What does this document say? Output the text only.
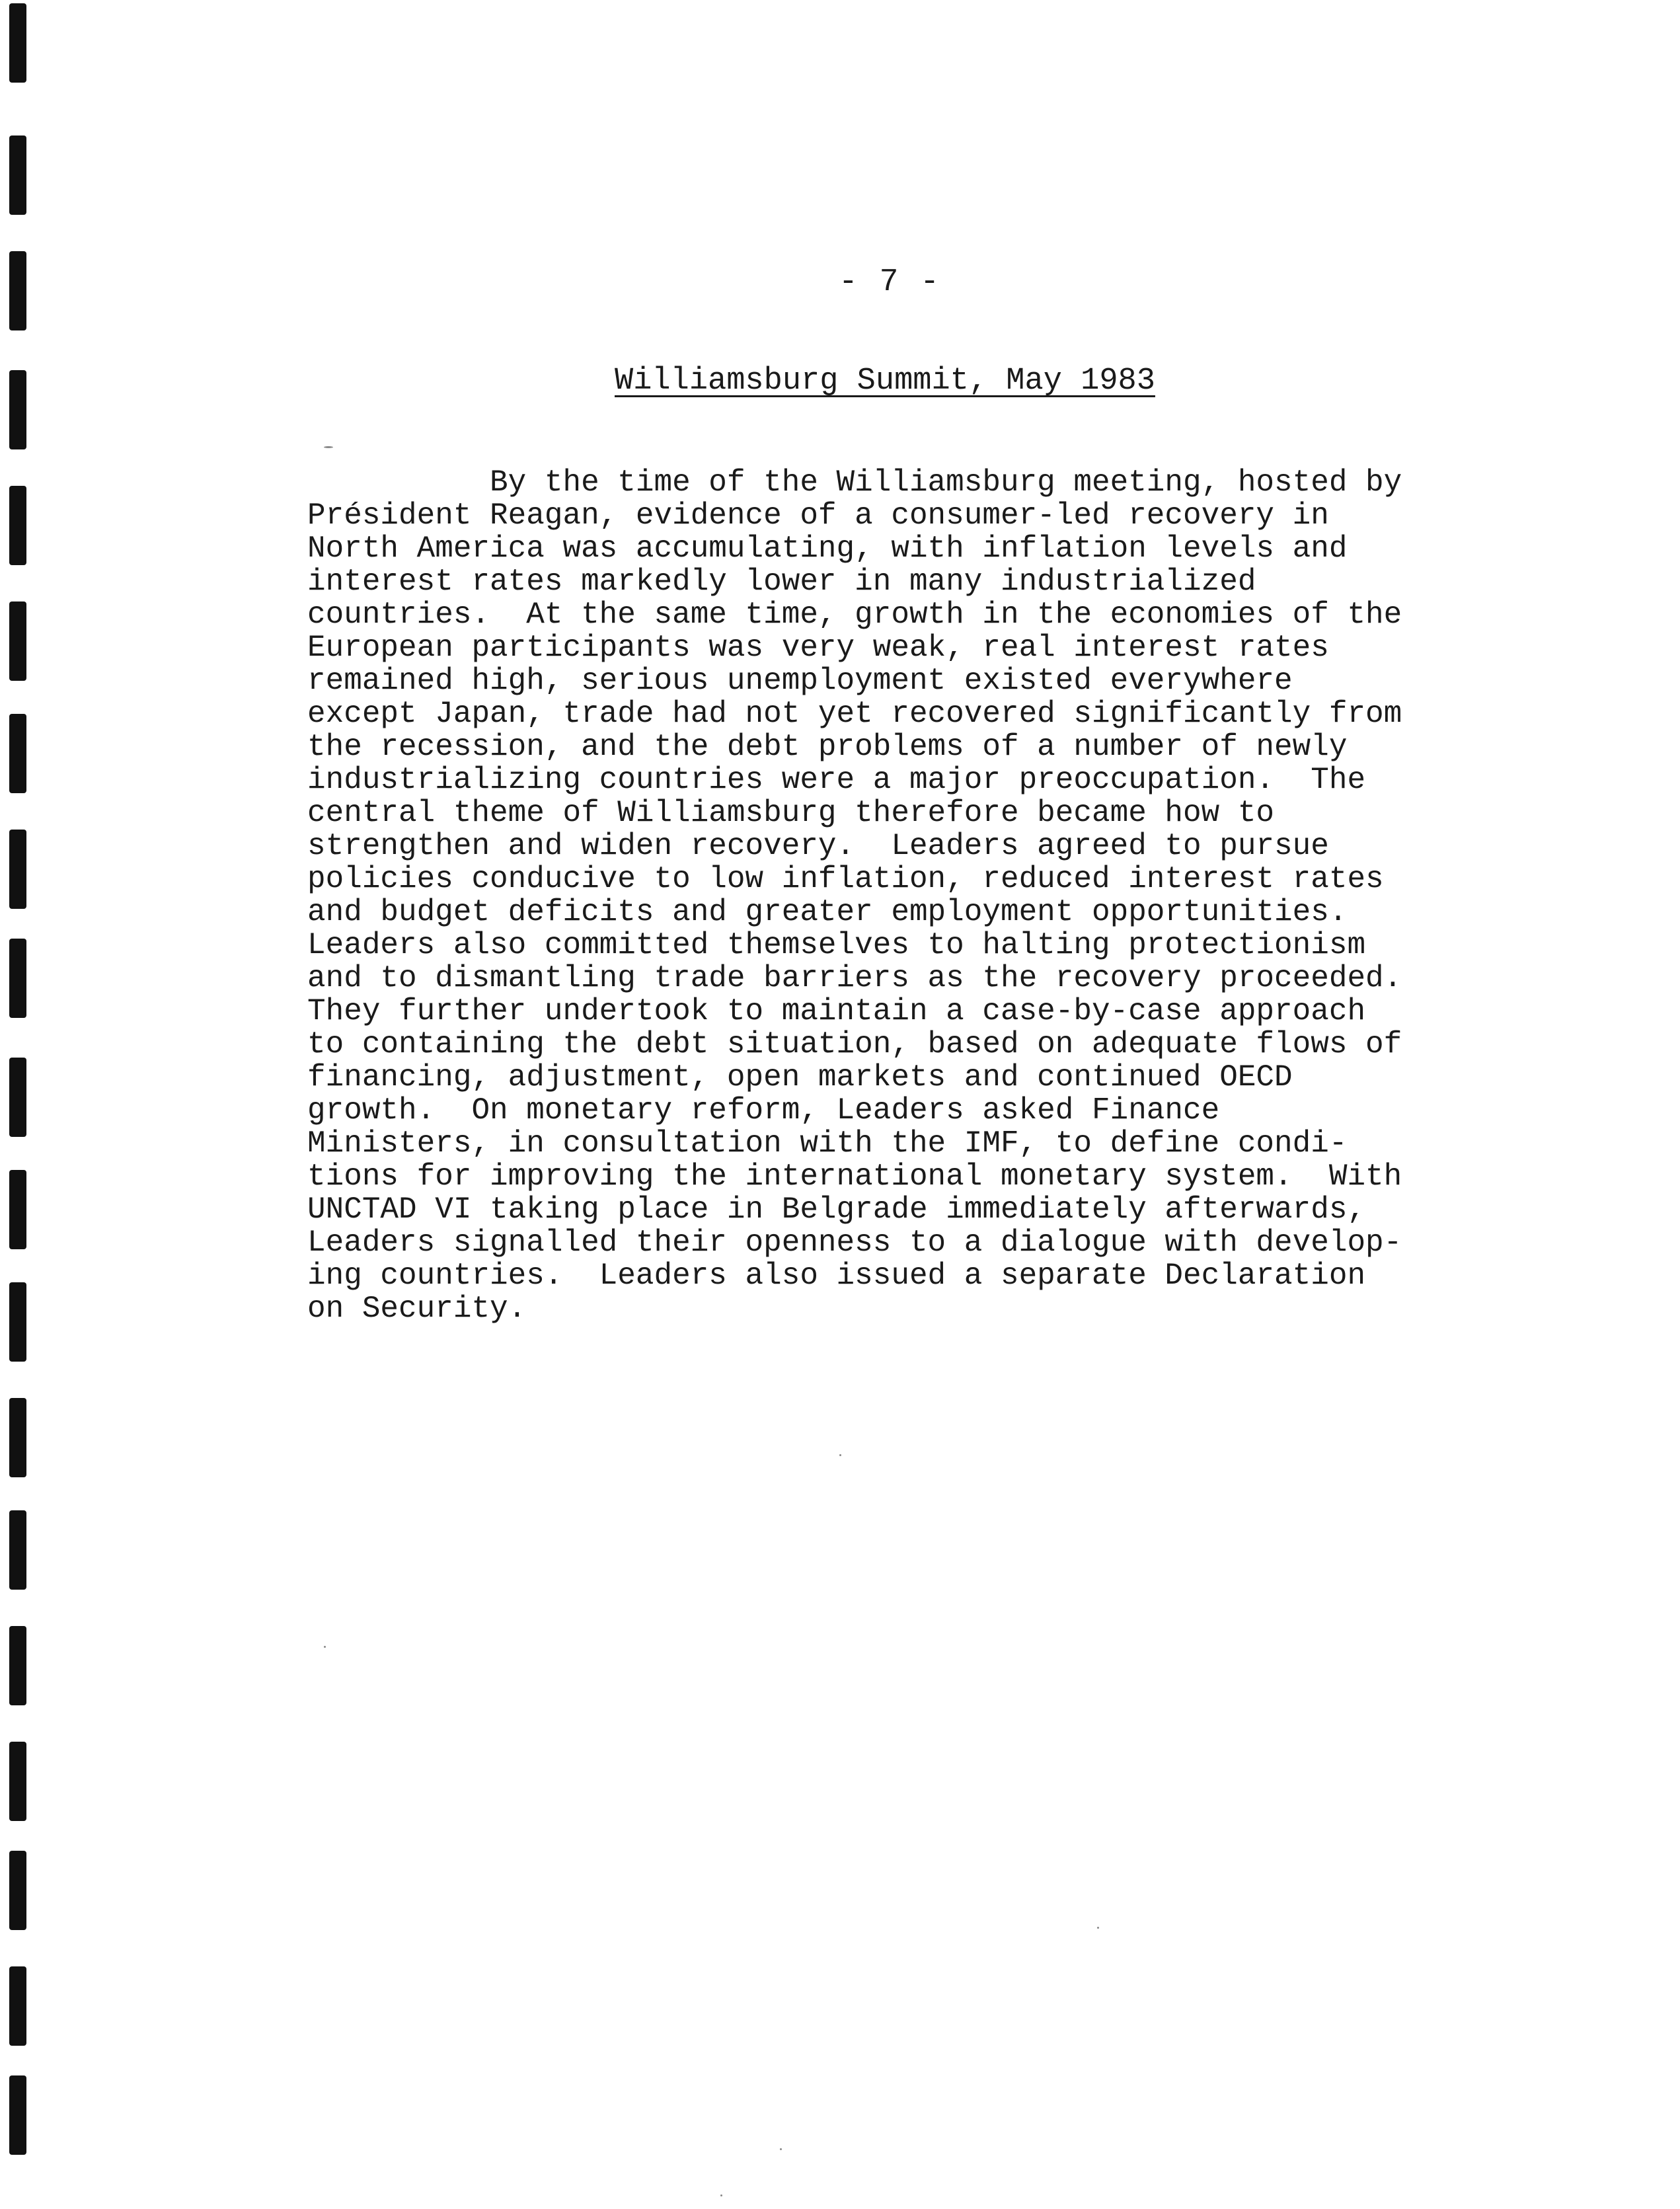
- 7 -
Williamsburg Summit, May 1983
By the time of the Williamsburg meeting, hosted by
Président Reagan, evidence of a consumer-led recovery in
North America was accumulating, with inflation levels and
interest rates markedly lower in many industrialized
countries.  At the same time, growth in the economies of the
European participants was very weak, real interest rates
remained high, serious unemployment existed everywhere
except Japan, trade had not yet recovered significantly from
the recession, and the debt problems of a number of newly
industrializing countries were a major preoccupation.  The
central theme of Williamsburg therefore became how to
strengthen and widen recovery.  Leaders agreed to pursue
policies conducive to low inflation, reduced interest rates
and budget deficits and greater employment opportunities.
Leaders also committed themselves to halting protectionism
and to dismantling trade barriers as the recovery proceeded.
They further undertook to maintain a case-by-case approach
to containing the debt situation, based on adequate flows of
financing, adjustment, open markets and continued OECD
growth.  On monetary reform, Leaders asked Finance
Ministers, in consultation with the IMF, to define condi-
tions for improving the international monetary system.  With
UNCTAD VI taking place in Belgrade immediately afterwards,
Leaders signalled their openness to a dialogue with develop-
ing countries.  Leaders also issued a separate Declaration
on Security.
